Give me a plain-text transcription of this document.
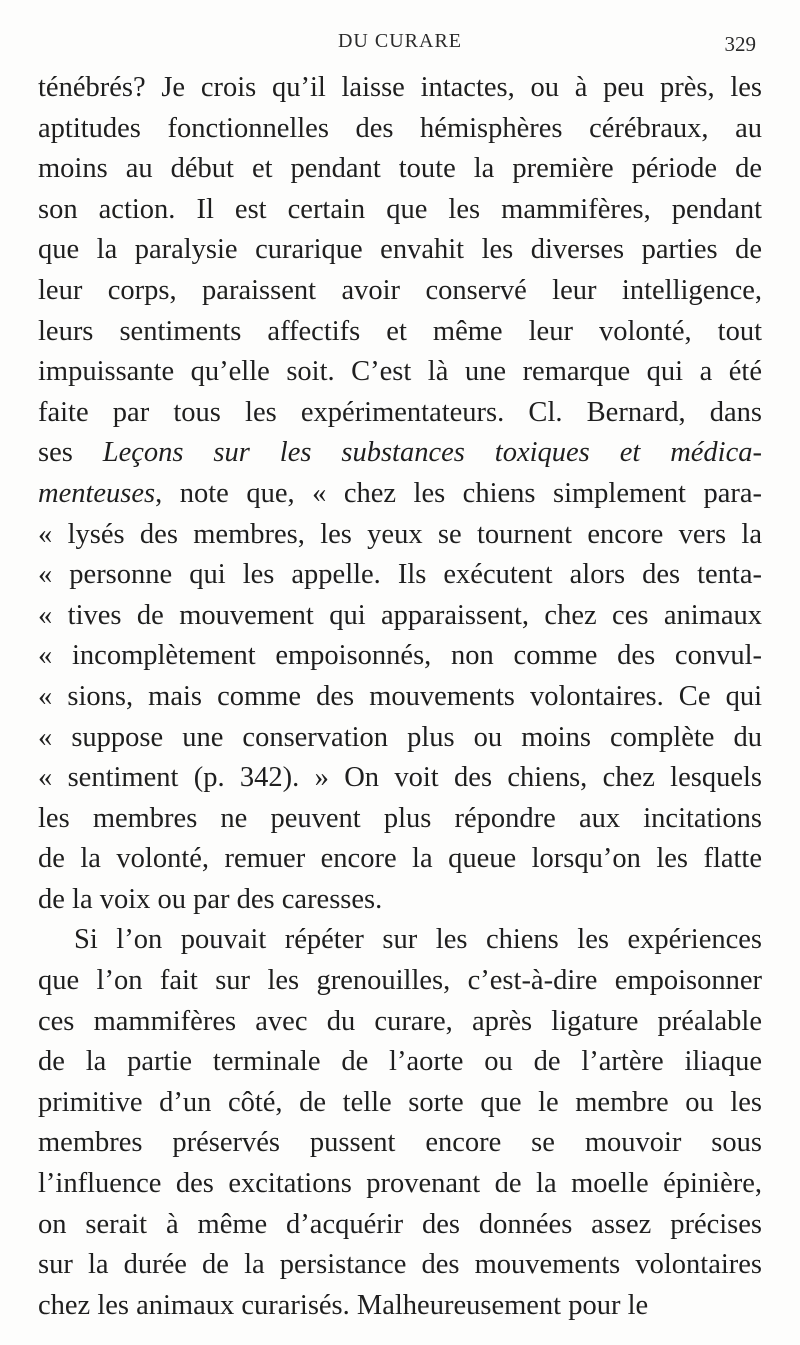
DU CURARE	329
ténébrés? Je crois qu’il laisse intactes, ou à peu près, les
aptitudes fonctionnelles des hémisphères cérébraux, au
moins au début et pendant toute la première période de
son action. Il est certain que les mammifères, pendant
que la paralysie curarique envahit les diverses parties de
leur corps, paraissent avoir conservé leur intelligence,
leurs sentiments affectifs et même leur volonté, tout
impuissante qu’elle soit. C’est là une remarque qui a été
faite par tous les expérimentateurs. Cl. Bernard, dans
ses Leçons sur les substances toxiques et médica-
menteuses, note que, « chez les chiens simplement para-
« lysés des membres, les yeux se tournent encore vers la
« personne qui les appelle. Ils exécutent alors des tenta-
« tives de mouvement qui apparaissent, chez ces animaux
« incomplètement empoisonnés, non comme des convul-
« sions, mais comme des mouvements volontaires. Ce qui
« suppose une conservation plus ou moins complète du
« sentiment (p. 342). » On voit des chiens, chez lesquels
les membres ne peuvent plus répondre aux incitations
de la volonté, remuer encore la queue lorsqu’on les flatte
de la voix ou par des caresses.
Si l’on pouvait répéter sur les chiens les expériences
que l’on fait sur les grenouilles, c’est-à-dire empoisonner
ces mammifères avec du curare, après ligature préalable
de la partie terminale de l’aorte ou de l’artère iliaque
primitive d’un côté, de telle sorte que le membre ou les
membres préservés pussent encore se mouvoir sous
l’influence des excitations provenant de la moelle épinière,
on serait à même d’acquérir des données assez précises
sur la durée de la persistance des mouvements volontaires
chez les animaux curarisés. Malheureusement pour le
